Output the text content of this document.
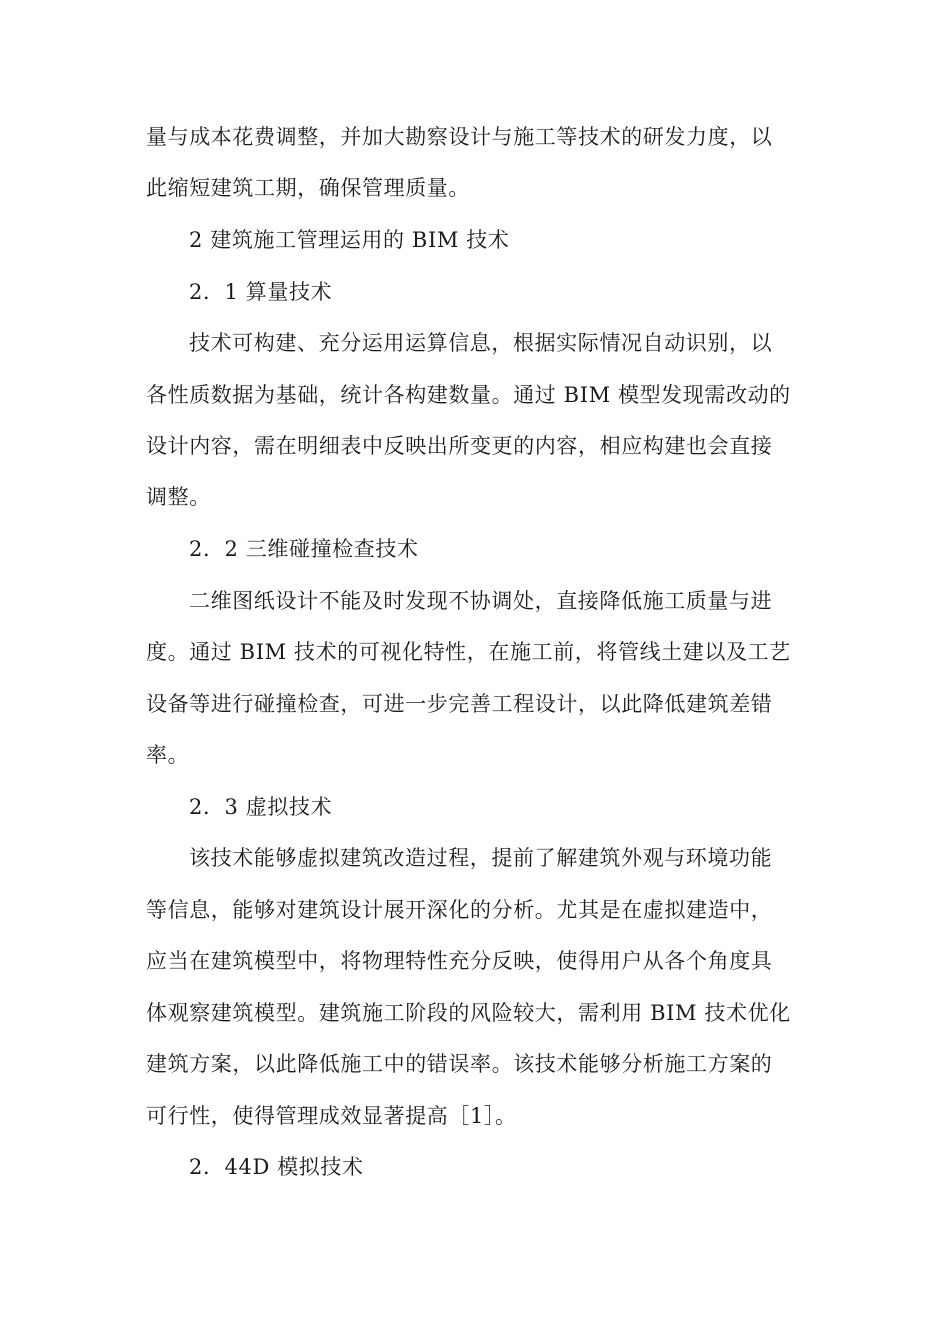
量与成本花费调整，并加大勘察设计与施工等技术的研发力度，以
此缩短建筑工期，确保管理质量。
2 建筑施工管理运用的 BIM 技术
2．1 算量技术
技术可构建、充分运用运算信息，根据实际情况自动识别，以
各性质数据为基础，统计各构建数量。通过 BIM 模型发现需改动的
设计内容，需在明细表中反映出所变更的内容，相应构建也会直接
调整。
2．2 三维碰撞检查技术
二维图纸设计不能及时发现不协调处，直接降低施工质量与进
度。通过 BIM 技术的可视化特性，在施工前，将管线土建以及工艺
设备等进行碰撞检查，可进一步完善工程设计，以此降低建筑差错
率。
2．3 虚拟技术
该技术能够虚拟建筑改造过程，提前了解建筑外观与环境功能
等信息，能够对建筑设计展开深化的分析。尤其是在虚拟建造中，
应当在建筑模型中，将物理特性充分反映，使得用户从各个角度具
体观察建筑模型。建筑施工阶段的风险较大，需利用 BIM 技术优化
建筑方案，以此降低施工中的错误率。该技术能够分析施工方案的
可行性，使得管理成效显著提高［1］。
2．44D 模拟技术
